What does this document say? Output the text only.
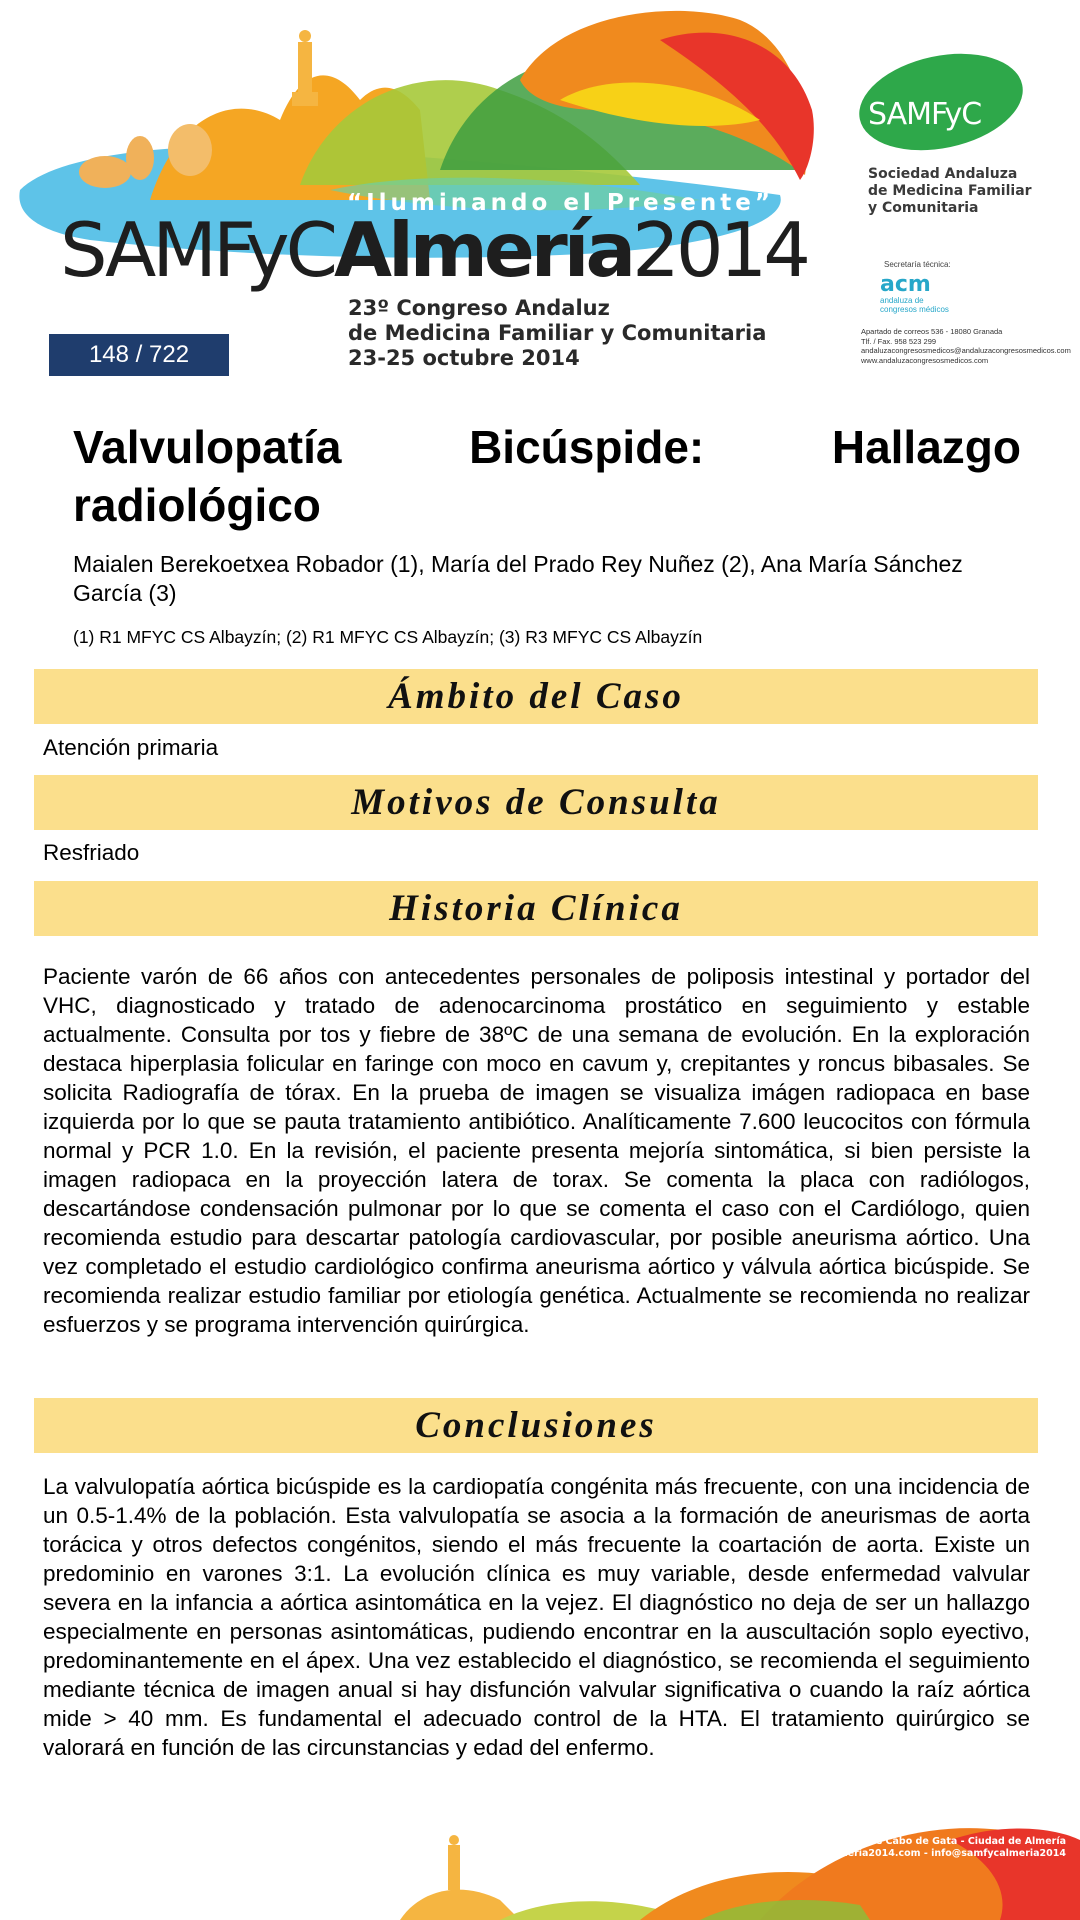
“Iluminando el Presente”
SAMFyCAlmería2014
23º Congreso Andaluz
de Medicina Familiar y Comunitaria
23-25 octubre 2014
148 / 722
SAMFyC
Sociedad Andaluza
de Medicina Familiar
y Comunitaria
Secretaría técnica:
acm
andaluza de
congresos médicos
Apartado de correos 536 - 18080 Granada
Tlf. / Fax. 958 523 299
andaluzacongresosmedicos@andaluzacongresosmedicos.com
www.andaluzacongresosmedicos.com
Valvulopatía Bicúspide: Hallazgo radiológico
Maialen Berekoetxea Robador (1), María del Prado Rey Nuñez (2), Ana María Sánchez García (3)
(1) R1 MFYC CS Albayzín; (2) R1 MFYC CS Albayzín; (3) R3 MFYC CS Albayzín
Ámbito del Caso
Atención primaria
Motivos de Consulta
Resfriado
Historia Clínica
Paciente varón de 66 años con antecedentes personales de poliposis intestinal y portador del VHC, diagnosticado y tratado de adenocarcinoma prostático en seguimiento y estable actualmente. Consulta por tos y fiebre de 38ºC de una semana de evolución. En la exploración destaca hiperplasia folicular en faringe con moco en cavum y, crepitantes y roncus bibasales. Se solicita Radiografía de tórax. En la prueba de imagen se visualiza imágen radiopaca en base izquierda por lo que se pauta tratamiento antibiótico. Analíticamente 7.600 leucocitos con fórmula normal y PCR 1.0. En la revisión, el paciente presenta mejoría sintomática, si bien persiste la imagen radiopaca en la proyección latera de torax. Se comenta la placa con radiólogos, descartándose condensación pulmonar por lo que se comenta el caso con el Cardiólogo, quien recomienda estudio para descartar patología cardiovascular, por posible aneurisma aórtico. Una vez completado el estudio cardiológico confirma aneurisma aórtico y válvula aórtica bicúspide. Se recomienda realizar estudio familiar por etiología genética. Actualmente se recomienda no realizar esfuerzos y se programa intervención quirúrgica.
Conclusiones
La valvulopatía aórtica bicúspide es la cardiopatía congénita más frecuente, con una incidencia de un 0.5-1.4% de la población. Esta valvulopatía se asocia a la formación de aneurismas de aorta torácica y otros defectos congénitos, siendo el más frecuente la coartación de aorta. Existe un predominio en varones 3:1. La evolución clínica es muy variable, desde enfermedad valvular severa en la infancia a aórtica asintomática en la vejez. El diagnóstico no deja de ser un hallazgo especialmente en personas asintomáticas, pudiendo encontrar en la auscultación soplo eyectivo, predominantemente en el ápex. Una vez establecido el diagnóstico, se recomienda el seguimiento mediante técnica de imagen anual si hay disfunción valvular significativa o cuando la raíz aórtica mide > 40 mm. Es fundamental el adecuado control de la HTA. El tratamiento quirúrgico se valorará en función de las circunstancias y edad del enfermo.
Sede: Palacio de Congresos Cabo de Gata - Ciudad de Almería
www.samfycalmeria2014.com - info@samfycalmeria2014
